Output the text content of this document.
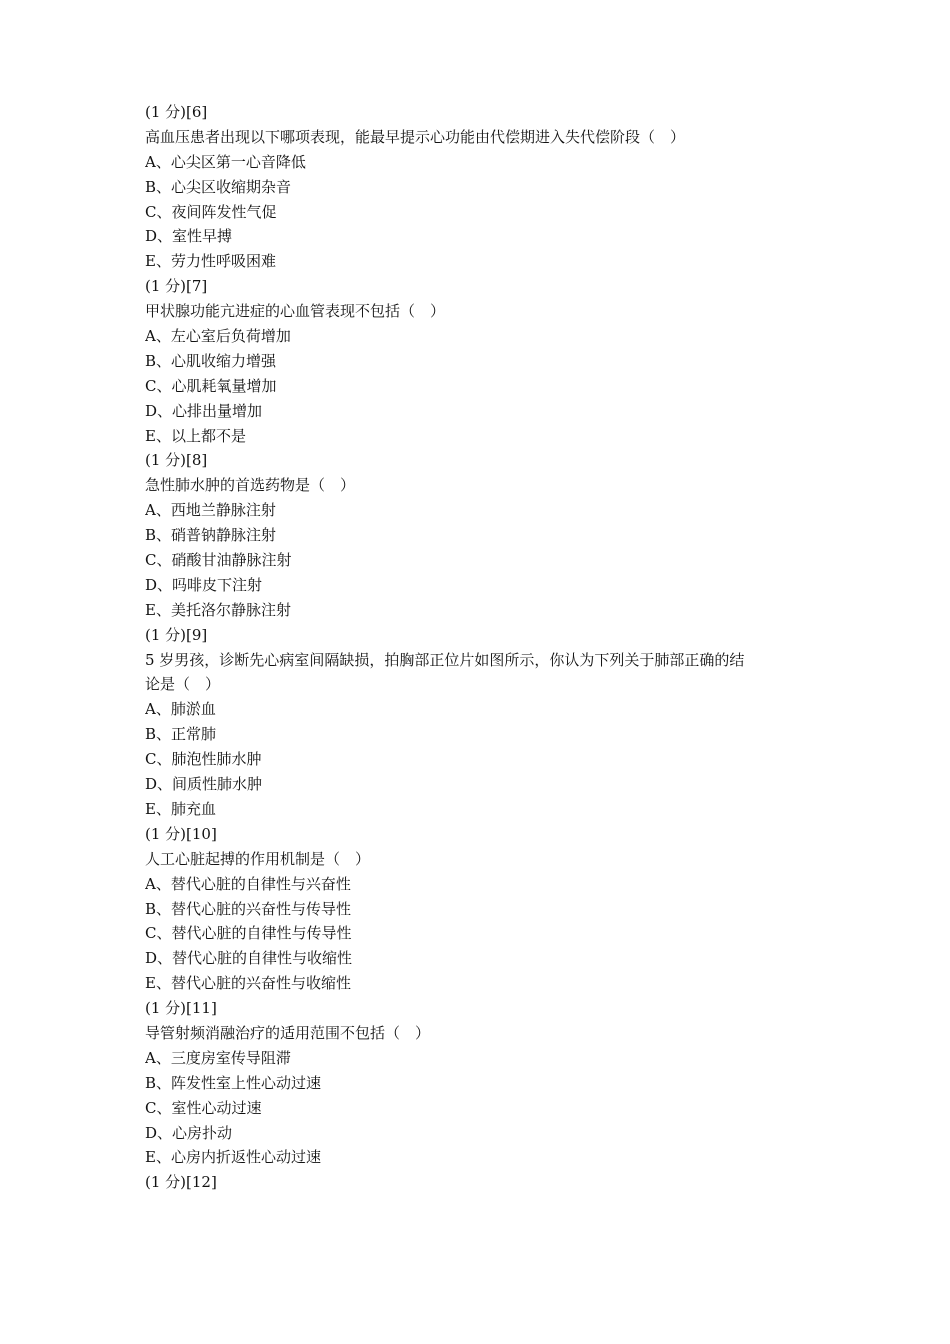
(1 分)[6]
高血压患者出现以下哪项表现，能最早提示心功能由代偿期进入失代偿阶段（　）
A、心尖区第一心音降低
B、心尖区收缩期杂音
C、夜间阵发性气促
D、室性早搏
E、劳力性呼吸困难
(1 分)[7]
甲状腺功能亢进症的心血管表现不包括（　）
A、左心室后负荷增加
B、心肌收缩力增强
C、心肌耗氧量增加
D、心排出量增加
E、以上都不是
(1 分)[8]
急性肺水肿的首选药物是（　）
A、西地兰静脉注射
B、硝普钠静脉注射
C、硝酸甘油静脉注射
D、吗啡皮下注射
E、美托洛尔静脉注射
(1 分)[9]
5 岁男孩，诊断先心病室间隔缺损，拍胸部正位片如图所示，你认为下列关于肺部正确的结
论是（　）
A、肺淤血
B、正常肺
C、肺泡性肺水肿
D、间质性肺水肿
E、肺充血
(1 分)[10]
人工心脏起搏的作用机制是（　）
A、替代心脏的自律性与兴奋性
B、替代心脏的兴奋性与传导性
C、替代心脏的自律性与传导性
D、替代心脏的自律性与收缩性
E、替代心脏的兴奋性与收缩性
(1 分)[11]
导管射频消融治疗的适用范围不包括（　）
A、三度房室传导阻滞
B、阵发性室上性心动过速
C、室性心动过速
D、心房扑动
E、心房内折返性心动过速
(1 分)[12]
